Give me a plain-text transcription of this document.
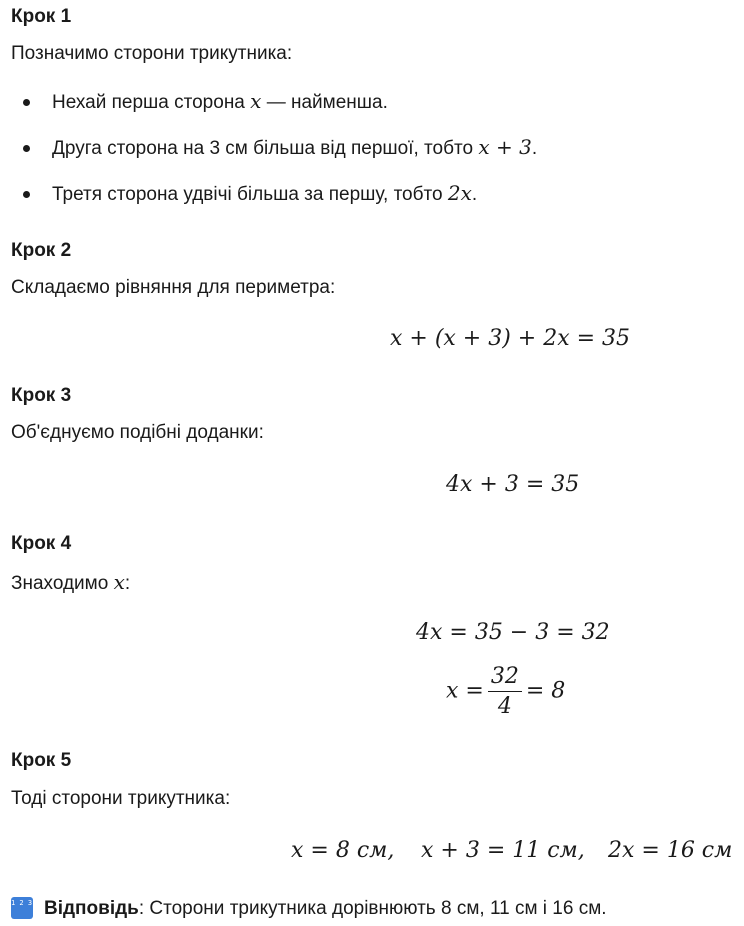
Крок 1
Позначимо сторони трикутника:
Нехай перша сторона x — найменша.
Друга сторона на 3 см більша від першої, тобто x + 3.
Третя сторона удвічі більша за першу, тобто 2x.
Крок 2
Складаємо рівняння для периметра:
x + (x + 3) + 2x = 35
Крок 3
Об'єднуємо подібні доданки:
4x + 3 = 35
Крок 4
Знаходимо x:
4x = 35 − 3 = 32
$x = \frac{32}{4} = 8$
Крок 5
Тоді сторони трикутника:
x = 8 см, x + 3 = 11 см, 2x = 16 см
1 2 3 4 Відповідь: Сторони трикутника дорівнюють 8 см, 11 см і 16 см.
